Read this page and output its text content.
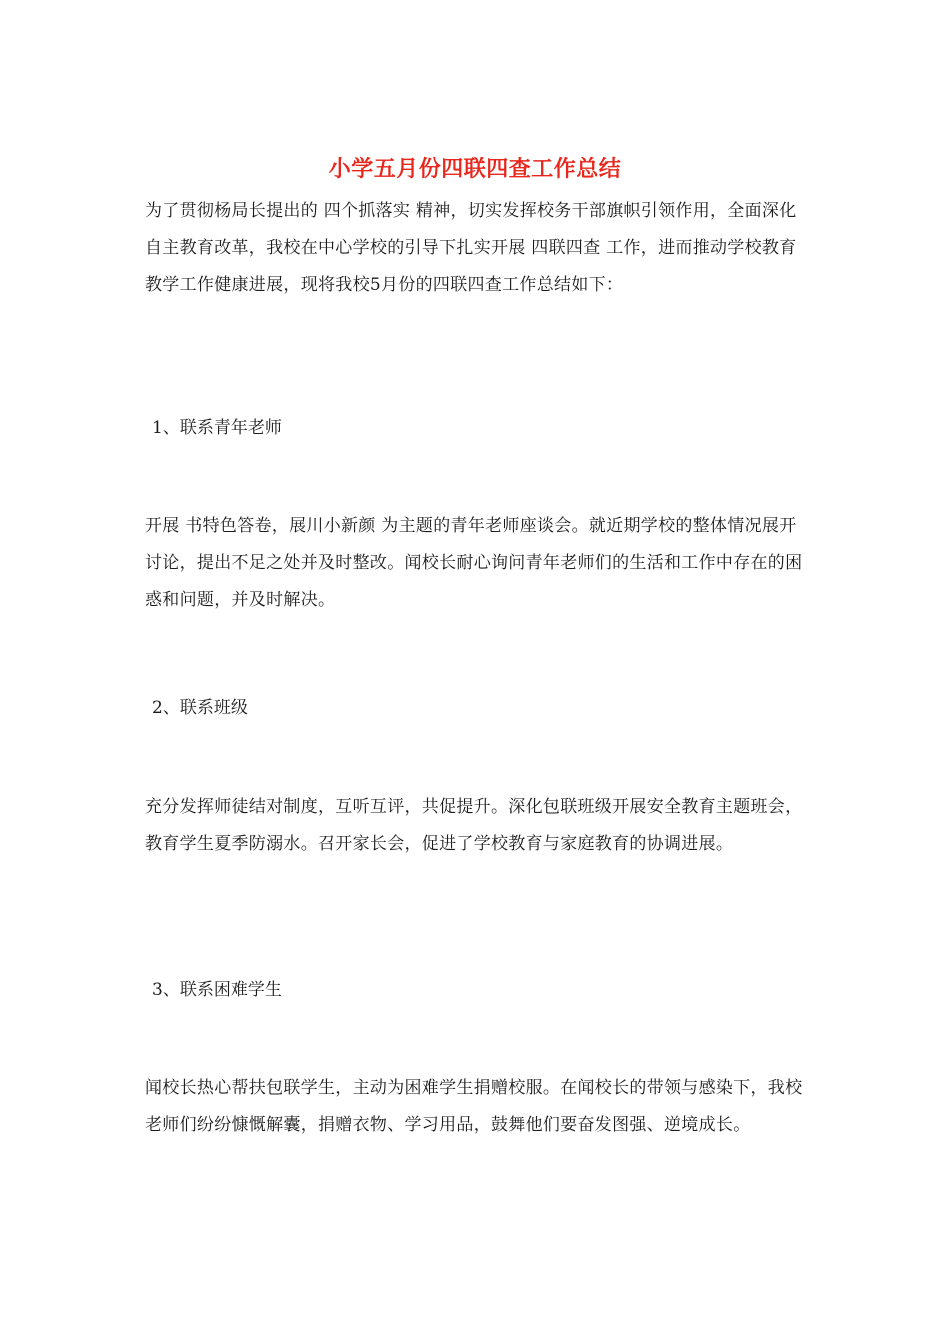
小学五月份四联四查工作总结
为了贯彻杨局长提出的 四个抓落实 精神，切实发挥校务干部旗帜引领作用，全面深化自主教育改革，我校在中心学校的引导下扎实开展 四联四查 工作，进而推动学校教育教学工作健康进展，现将我校5月份的四联四查工作总结如下：
1、联系青年老师
开展 书特色答卷，展川小新颜 为主题的青年老师座谈会。就近期学校的整体情况展开讨论，提出不足之处并及时整改。闻校长耐心询问青年老师们的生活和工作中存在的困惑和问题，并及时解决。
2、联系班级
充分发挥师徒结对制度，互听互评，共促提升。深化包联班级开展安全教育主题班会，教育学生夏季防溺水。召开家长会，促进了学校教育与家庭教育的协调进展。
3、联系困难学生
闻校长热心帮扶包联学生，主动为困难学生捐赠校服。在闻校长的带领与感染下，我校老师们纷纷慷慨解囊，捐赠衣物、学习用品，鼓舞他们要奋发图强、逆境成长。
